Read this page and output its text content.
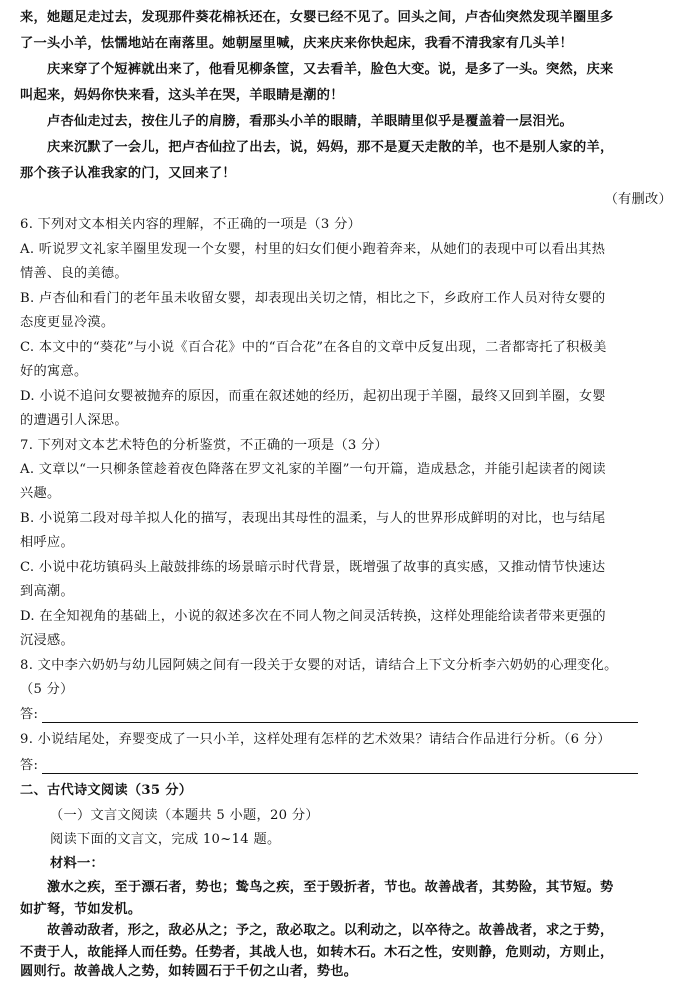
来，她题足走过去，发现那件葵花棉袄还在，女婴已经不见了。回头之间，卢杏仙突然发现羊圈里多
了一头小羊，怯懦地站在南落里。她朝屋里喊，庆来庆来你快起床，我看不清我家有几头羊！
　　庆来穿了个短裤就出来了，他看见柳条筐，又去看羊，脸色大变。说，是多了一头。突然，庆来
叫起来，妈妈你快来看，这头羊在哭，羊眼睛是潮的！
　　卢杏仙走过去，按住儿子的肩膀，看那头小羊的眼睛，羊眼睛里似乎是覆盖着一层泪光。
　　庆来沉默了一会儿，把卢杏仙拉了出去，说，妈妈，那不是夏天走散的羊，也不是别人家的羊，
那个孩子认准我家的门，又回来了！
（有删改）
6. 下列对文本相关内容的理解，不正确的一项是（3 分）
A. 听说罗文礼家羊圈里发现一个女婴，村里的妇女们便小跑着奔来，从她们的表现中可以看出其热
情善、良的美德。
B. 卢杏仙和看门的老年虽未收留女婴，却表现出关切之情，相比之下，乡政府工作人员对待女婴的
态度更显冷漠。
C. 本文中的“葵花”与小说《百合花》中的“百合花”在各自的文章中反复出现，二者都寄托了积极美
好的寓意。
D. 小说不追问女婴被抛弃的原因，而重在叙述她的经历，起初出现于羊圈，最终又回到羊圈，女婴
的遭遇引人深思。
7. 下列对文本艺术特色的分析鉴赏，不正确的一项是（3 分）
A. 文章以“一只柳条筐趁着夜色降落在罗文礼家的羊圈”一句开篇，造成悬念，并能引起读者的阅读
兴趣。
B. 小说第二段对母羊拟人化的描写，表现出其母性的温柔，与人的世界形成鲜明的对比，也与结尾
相呼应。
C. 小说中花坊镇码头上敲鼓排练的场景暗示时代背景，既增强了故事的真实感，又推动情节快速达
到高潮。
D. 在全知视角的基础上，小说的叙述多次在不同人物之间灵活转换，这样处理能给读者带来更强的
沉浸感。
8. 文中李六奶奶与幼儿园阿姨之间有一段关于女婴的对话，请结合上下文分析李六奶奶的心理变化。
（5 分）
答:
9. 小说结尾处，弃婴变成了一只小羊，这样处理有怎样的艺术效果？请结合作品进行分析。（6 分）
答:
二、古代诗文阅读（35 分）
（一）文言文阅读（本题共 5 小题，20 分）
阅读下面的文言文，完成 10~14 题。
材料一：
　　激水之疾，至于漂石者，势也；鸷鸟之疾，至于毁折者，节也。故善战者，其势险，其节短。势
如扩弩，节如发机。
　　故善动敌者，形之，敌必从之；予之，敌必取之。以利动之，以卒待之。故善战者，求之于势，
不责于人，故能择人而任势。任势者，其战人也，如转木石。木石之性，安则静，危则动，方则止，
圆则行。故善战人之势，如转圆石于千仞之山者，势也。
